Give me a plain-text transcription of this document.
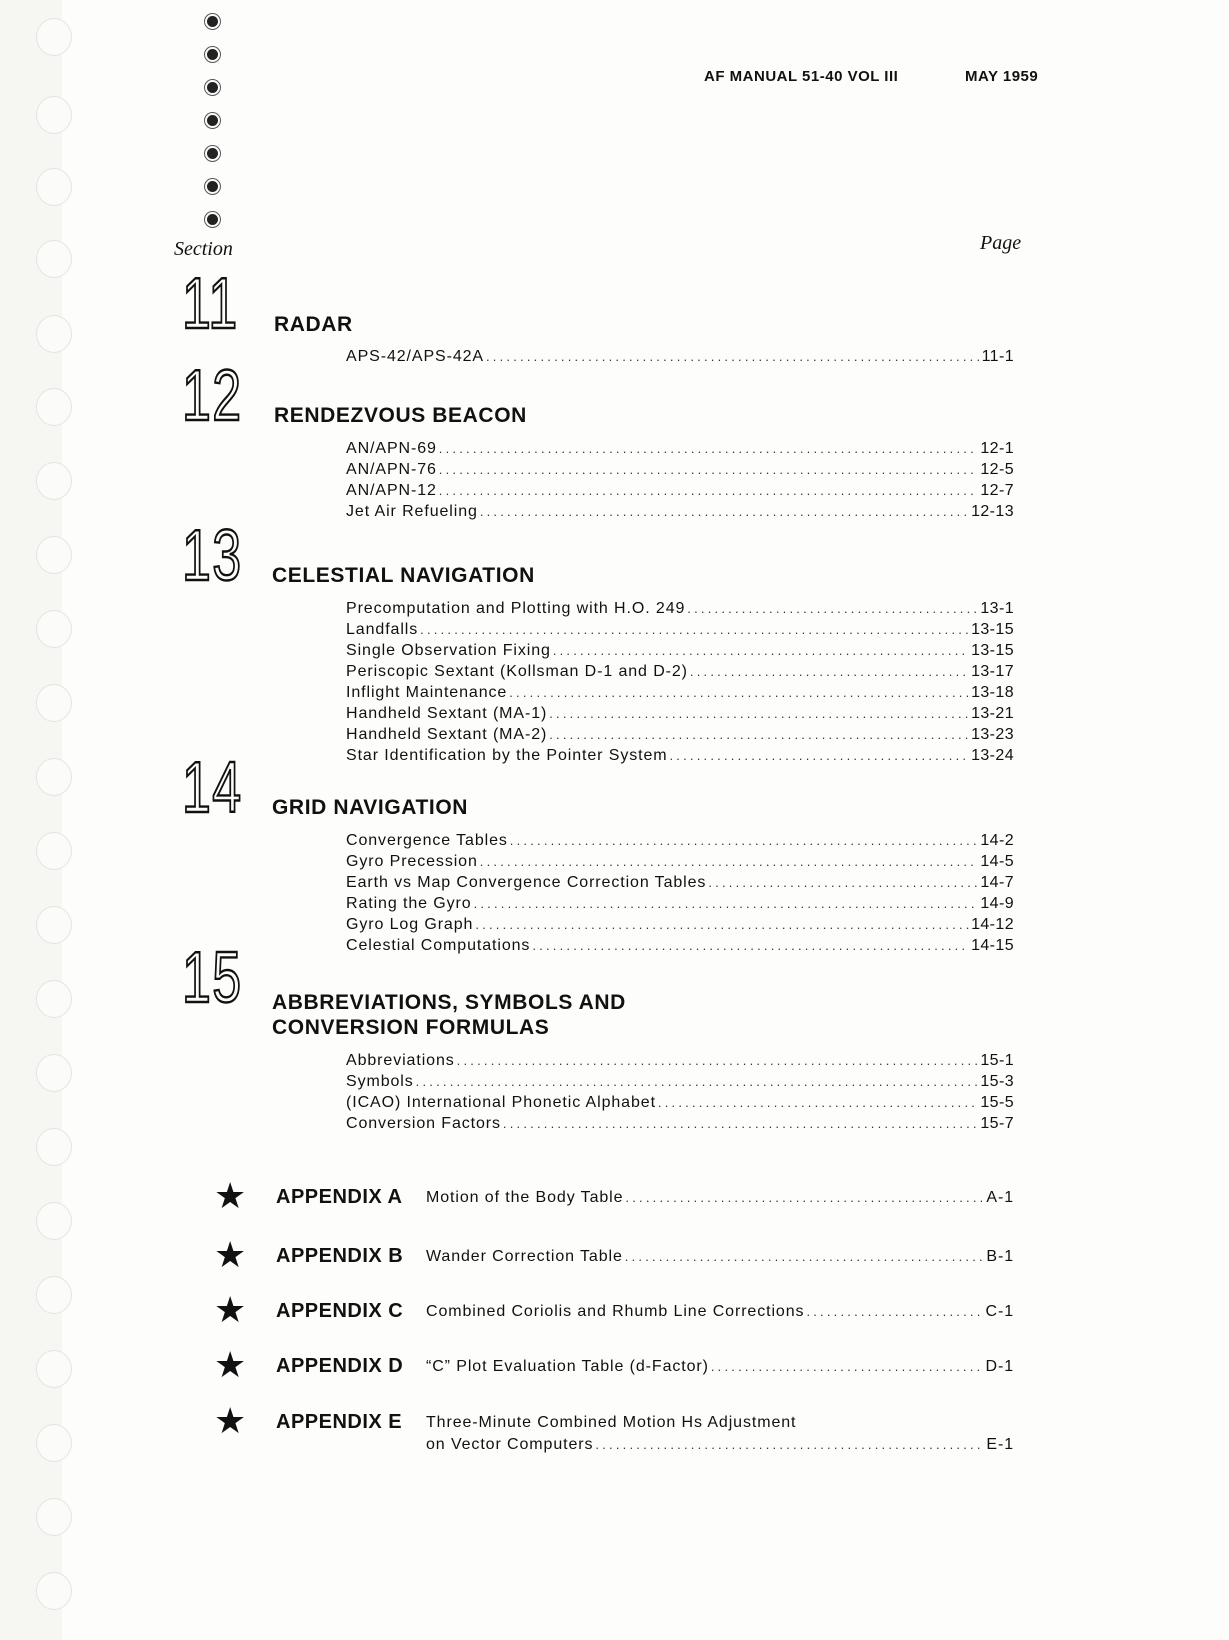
AF MANUAL 51-40 VOL III	MAY 1959
Section	Page
11 RADAR
APS-42/APS-42A .....	11-1
12 RENDEZVOUS BEACON
AN/APN-69 .....	12-1
AN/APN-76 .....	12-5
AN/APN-12 .....	12-7
Jet Air Refueling .....	12-13
13 CELESTIAL NAVIGATION
Precomputation and Plotting with H.O. 249 .....	13-1
Landfalls .....	13-15
Single Observation Fixing .....	13-15
Periscopic Sextant (Kollsman D-1 and D-2) .....	13-17
Inflight Maintenance .....	13-18
Handheld Sextant (MA-1) .....	13-21
Handheld Sextant (MA-2) .....	13-23
Star Identification by the Pointer System .....	13-24
14 GRID NAVIGATION
Convergence Tables .....	14-2
Gyro Precession .....	14-5
Earth vs Map Convergence Correction Tables .....	14-7
Rating the Gyro .....	14-9
Gyro Log Graph .....	14-12
Celestial Computations .....	14-15
15 ABBREVIATIONS, SYMBOLS AND
CONVERSION FORMULAS
Abbreviations .....	15-1
Symbols .....	15-3
(ICAO) International Phonetic Alphabet .....	15-5
Conversion Factors .....	15-7
★ APPENDIX A Motion of the Body Table .....	A-1
★ APPENDIX B Wander Correction Table .....	B-1
★ APPENDIX C Combined Coriolis and Rhumb Line Corrections .....	C-1
★ APPENDIX D “C” Plot Evaluation Table (d-Factor) .....	D-1
★ APPENDIX E Three-Minute Combined Motion Hs Adjustment
on Vector Computers .....	E-1
